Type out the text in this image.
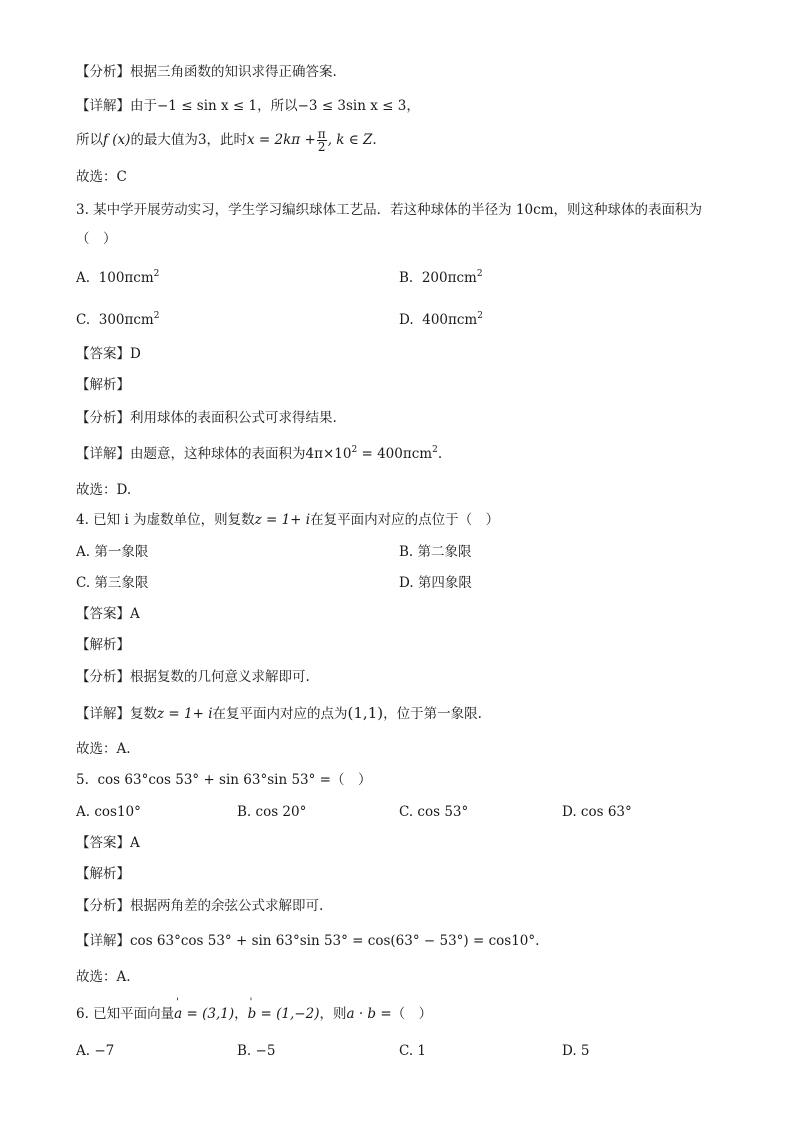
【分析】根据三角函数的知识求得正确答案.
【详解】由于−1 ≤ sin x ≤ 1，所以−3 ≤ 3sin x ≤ 3，
所以f (x)的最大值为3，此时$x = 2k\pi + \frac{\pi}{2}$ , k ∈ Z.
故选：C
3. 某中学开展劳动实习，学生学习编织球体工艺品．若这种球体的半径为 10cm，则这种球体的表面积为
（　）
A. 100πcm$^2$	B. 200πcm$^2$
C. 300πcm$^2$	D. 400πcm$^2$
【答案】D
【解析】
【分析】利用球体的表面积公式可求得结果.
【详解】由题意，这种球体的表面积为$4\pi\times 10^2 = 400\pi cm^2$.
故选：D.
4. 已知 i 为虚数单位，则复数z = 1+ i在复平面内对应的点位于（　）
A. 第一象限	B. 第二象限
C. 第三象限	D. 第四象限
【答案】A
【解析】
【分析】根据复数的几何意义求解即可.
【详解】复数z = 1+ i在复平面内对应的点为(1,1)，位于第一象限.
故选：A.
5. cos 63°cos 53° + sin 63°sin 53° =（　）
A. cos10°	B. cos 20°	C. cos 53°	D. cos 63°
【答案】A
【解析】
【分析】根据两角差的余弦公式求解即可.
【详解】cos 63°cos 53° + sin 63°sin 53° = cos(63° − 53°) = cos10°.
故选：A.
6. 已知平面向量' a = (3,1)，' b = (1,−2)，则a · b =（　）
A. −7	B. −5	C. 1	D. 5
